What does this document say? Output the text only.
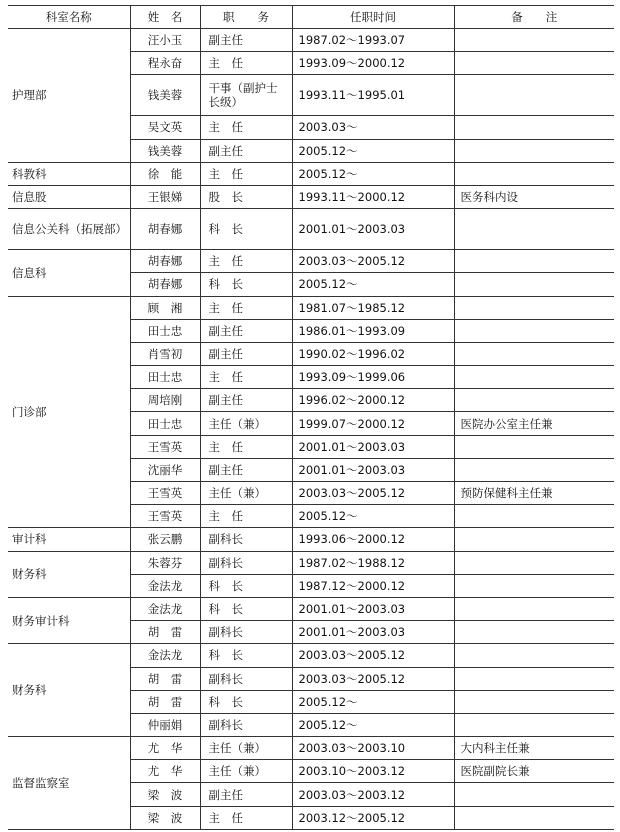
科室名称	姓　名	职　　务	任职时间	备　　注
护理部	汪小玉	副主任	1987.02～1993.07	
	程永奋	主　任	1993.09～2000.12	
	钱美蓉	干事（副护士长级）	1993.11～1995.01	
	吴文英	主　任	2003.03～	
	钱美蓉	副主任	2005.12～	
科教科	徐　能	主　任	2005.12～	
信息股	王银娣	股　长	1993.11～2000.12	医务科内设
信息公关科（拓展部）	胡春娜	科　长	2001.01～2003.03	
信息科	胡春娜	主　任	2003.03～2005.12	
	胡春娜	科　长	2005.12～	
门诊部	顾　湘	主　任	1981.07～1985.12	
	田士忠	副主任	1986.01～1993.09	
	肖雪初	副主任	1990.02～1996.02	
	田士忠	主　任	1993.09～1999.06	
	周培刚	副主任	1996.02～2000.12	
	田士忠	主任（兼）	1999.07～2000.12	医院办公室主任兼
	王雪英	主　任	2001.01～2003.03	
	沈丽华	副主任	2001.01～2003.03	
	王雪英	主任（兼）	2003.03～2005.12	预防保健科主任兼
	王雪英	主　任	2005.12～	
审计科	张云鹏	副科长	1993.06～2000.12	
财务科	朱蓉芬	副科长	1987.02～1988.12	
	金法龙	科　长	1987.12～2000.12	
财务审计科	金法龙	科　长	2001.01～2003.03	
	胡　雷	副科长	2001.01～2003.03	
财务科	金法龙	科　长	2003.03～2005.12	
	胡　雷	副科长	2003.03～2005.12	
	胡　雷	科　长	2005.12～	
	仲丽娟	副科长	2005.12～	
监督监察室	尤　华	主任（兼）	2003.03～2003.10	大内科主任兼
	尤　华	主任（兼）	2003.10～2003.12	医院副院长兼
	梁　波	副主任	2003.03～2003.12	
	梁　波	主　任	2003.12～2005.12	
